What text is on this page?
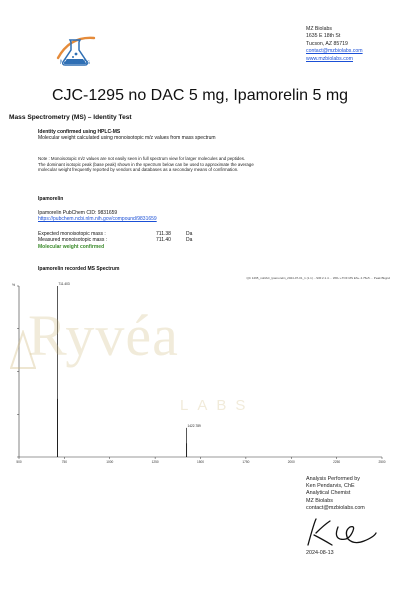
MZ Biolabs
MZ Biolabs
1635 E 18th St
Tucson, AZ 85719
contact@mzbiolabs.com
www.mzbiolabs.com
CJC-1295 no DAC 5 mg, Ipamorelin 5 mg
Mass Spectrometry (MS) – Identity Test
Identity confirmed using HPLC-MS
Molecular weight calculated using monoisotopic m/z values from mass spectrum
Note : Monoisotopic m/z values are not easily seen in full spectrum view for larger molecules and peptides.
The dominant isotopic peak (base peak) shown in the spectrum below can be used to approximate the average
molecular weight frequently reported by vendors and databases as a secondary means of confirmation.
Ipamorelin
Ipamorelin PubChem CID: 9831659
https://pubchem.ncbi.nlm.nih.gov/compound/9831659
Expected monoisotopic mass :	711.38	Da
Measured monoisotopic mass :	711.40	Da
Molecular weight confirmed
Ipamorelin recorded MS Spectrum
QC 1295_noDAC_Ipamorelin_2024-07-01_1 (1.1) ...SIR:2.1.4 ... WFL:+TOF MS ES+ 4.75e5 ... Peak Bkgnd
%
500	750	1000	1250	1500	1750	2000	2250	2500
711.403
1422.789
Ryvéa
LABS
Analysis Performed by
Ken Pendarvis, ChE
Analytical Chemist
MZ Biolabs
contact@mzbiolabs.com
2024-08-13
